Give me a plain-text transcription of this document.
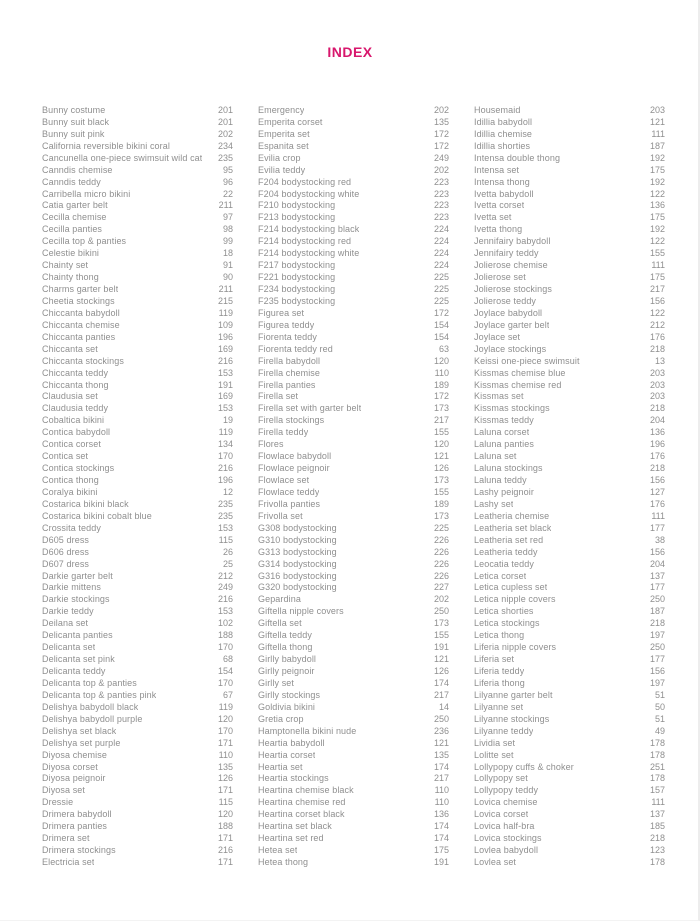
INDEX
Bunny costume	201
Bunny suit black	201
Bunny suit pink	202
California reversible bikini coral	234
Cancunella one-piece swimsuit wild cat 235
Canndis chemise	95
Canndis teddy	96
Carribella micro bikini	22
Catia garter belt	211
Cecilla chemise	97
Cecilla panties	98
Cecilla top & panties	99
Celestie bikini	18
Chainty set	91
Chainty thong	90
Charms garter belt	211
Cheetia stockings	215
Chiccanta babydoll	119
Chiccanta chemise	109
Chiccanta panties	196
Chiccanta set	169
Chiccanta stockings	216
Chiccanta teddy	153
Chiccanta thong	191
Claudusia set	169
Claudusia teddy	153
Cobaltica bikini	19
Contica babydoll	119
Contica corset	134
Contica set	170
Contica stockings	216
Contica thong	196
Coralya bikini	12
Costarica bikini black	235
Costarica bikini cobalt blue	235
Crossita teddy	153
D605 dress	115
D606 dress	26
D607 dress	25
Darkie garter belt	212
Darkie mittens	249
Darkie stockings	216
Darkie teddy	153
Deilana set	102
Delicanta panties	188
Delicanta set	170
Delicanta set pink	68
Delicanta teddy	154
Delicanta top & panties	170
Delicanta top & panties pink	67
Delishya babydoll black	119
Delishya babydoll purple	120
Delishya set black	170
Delishya set purple	171
Diyosa chemise	110
Diyosa corset	135
Diyosa peignoir	126
Diyosa set	171
Dressie	115
Drimera babydoll	120
Drimera panties	188
Drimera set	171
Drimera stockings	216
Electricia set	171
Emergency	202
Emperita corset	135
Emperita set	172
Espanita set	172
Evilia crop	249
Evilia teddy	202
F204 bodystocking red	223
F204 bodystocking white	223
F210 bodystocking	223
F213 bodystocking	223
F214 bodystocking black	224
F214 bodystocking red	224
F214 bodystocking white	224
F217 bodystocking	224
F221 bodystocking	225
F234 bodystocking	225
F235 bodystocking	225
Figurea set	172
Figurea teddy	154
Fiorenta teddy	154
Fiorenta teddy red	63
Firella babydoll	120
Firella chemise	110
Firella panties	189
Firella set	172
Firella set with garter belt	173
Firella stockings	217
Firella teddy	155
Flores	120
Flowlace babydoll	121
Flowlace peignoir	126
Flowlace set	173
Flowlace teddy	155
Frivolla panties	189
Frivolla set	173
G308 bodystocking	225
G310 bodystocking	226
G313 bodystocking	226
G314 bodystocking	226
G316 bodystocking	226
G320 bodystocking	227
Gepardina	202
Giftella nipple covers	250
Giftella set	173
Giftella teddy	155
Giftella thong	191
Girlly babydoll	121
Girlly peignoir	126
Girlly set	174
Girlly stockings	217
Goldivia bikini	14
Gretia crop	250
Hamptonella bikini nude	236
Heartia babydoll	121
Heartia corset	135
Heartia set	174
Heartia stockings	217
Heartina chemise black	110
Heartina chemise red	110
Heartina corset black	136
Heartina set black	174
Heartina set red	174
Hetea set	175
Hetea thong	191
Housemaid	203
Idillia babydoll	121
Idillia chemise	111
Idillia shorties	187
Intensa double thong	192
Intensa set	175
Intensa thong	192
Ivetta babydoll	122
Ivetta corset	136
Ivetta set	175
Ivetta thong	192
Jennifairy babydoll	122
Jennifairy teddy	155
Jolierose chemise	111
Jolierose set	175
Jolierose stockings	217
Jolierose teddy	156
Joylace babydoll	122
Joylace garter belt	212
Joylace set	176
Joylace stockings	218
Keissi one-piece swimsuit	13
Kissmas chemise blue	203
Kissmas chemise red	203
Kissmas set	203
Kissmas stockings	218
Kissmas teddy	204
Laluna corset	136
Laluna panties	196
Laluna set	176
Laluna stockings	218
Laluna teddy	156
Lashy peignoir	127
Lashy set	176
Leatheria chemise	111
Leatheria set black	177
Leatheria set red	38
Leatheria teddy	156
Leocatia teddy	204
Letica corset	137
Letica cupless set	177
Letica nipple covers	250
Letica shorties	187
Letica stockings	218
Letica thong	197
Liferia nipple covers	250
Liferia set	177
Liferia teddy	156
Liferia thong	197
Lilyanne garter belt	51
Lilyanne set	50
Lilyanne stockings	51
Lilyanne teddy	49
Lividia set	178
Lolitte set	178
Lollypopy cuffs & choker	251
Lollypopy set	178
Lollypopy teddy	157
Lovica chemise	111
Lovica corset	137
Lovica half-bra	185
Lovica stockings	218
Lovlea babydoll	123
Lovlea set	178
